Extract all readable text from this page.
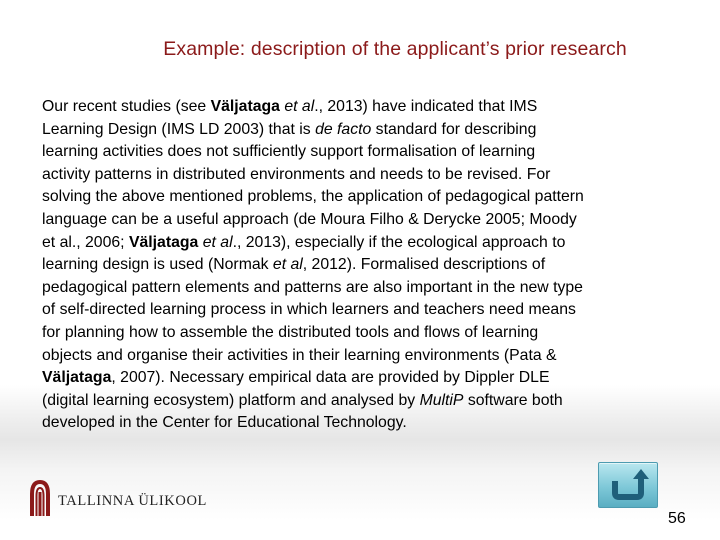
Example: description of the applicant’s prior research
Our recent studies (see Väljataga et al., 2013) have indicated that IMS
Learning Design (IMS LD 2003) that is de facto standard for describing
learning activities does not sufficiently support formalisation of learning
activity patterns in distributed environments and needs to be revised. For
solving the above mentioned problems, the application of pedagogical pattern
language can be a useful approach (de Moura Filho & Derycke 2005; Moody
et al., 2006; Väljataga et al., 2013), especially if the ecological approach to
learning design is used (Normak et al, 2012). Formalised descriptions of
pedagogical pattern elements and patterns are also important in the new type
of self-directed learning process in which learners and teachers need means
for planning how to assemble the distributed tools and flows of learning
objects and organise their activities in their learning environments (Pata &
Väljataga, 2007). Necessary empirical data are provided by Dippler DLE
(digital learning ecosystem) platform and analysed by MultiP software both
developed in the Center for Educational Technology.
TALLINNA ÜLIKOOL
56
